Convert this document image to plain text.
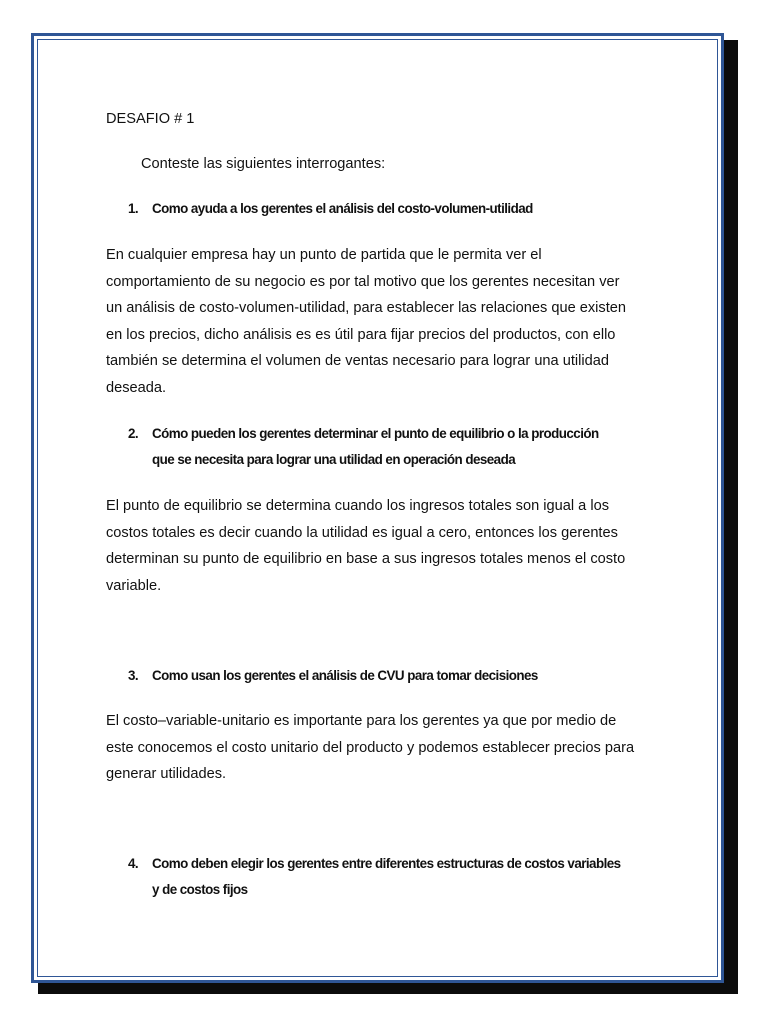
DESAFIO # 1
Conteste las siguientes interrogantes:
1. Como ayuda a los gerentes el análisis del costo-volumen-utilidad
En cualquier empresa hay un punto de partida que le permita ver el
comportamiento de su negocio es por tal motivo que los gerentes necesitan ver
un análisis de costo-volumen-utilidad, para establecer las relaciones que existen
en los precios, dicho análisis es es útil para fijar precios del productos, con ello
también se determina el volumen de ventas necesario para lograr una utilidad
deseada.
2. Cómo pueden los gerentes determinar el punto de equilibrio o la producción
que se necesita para lograr una utilidad en operación deseada
El punto de equilibrio se determina cuando los ingresos totales son igual a los
costos totales es decir cuando la utilidad es igual a cero, entonces los gerentes
determinan su punto de equilibrio en base a sus ingresos totales menos el costo
variable.
3. Como usan los gerentes el análisis de CVU para tomar decisiones
El costo–variable-unitario es importante para los gerentes ya que por medio de
este conocemos el costo unitario del producto y podemos establecer precios para
generar utilidades.
4. Como deben elegir los gerentes entre diferentes estructuras de costos variables
y de costos fijos
